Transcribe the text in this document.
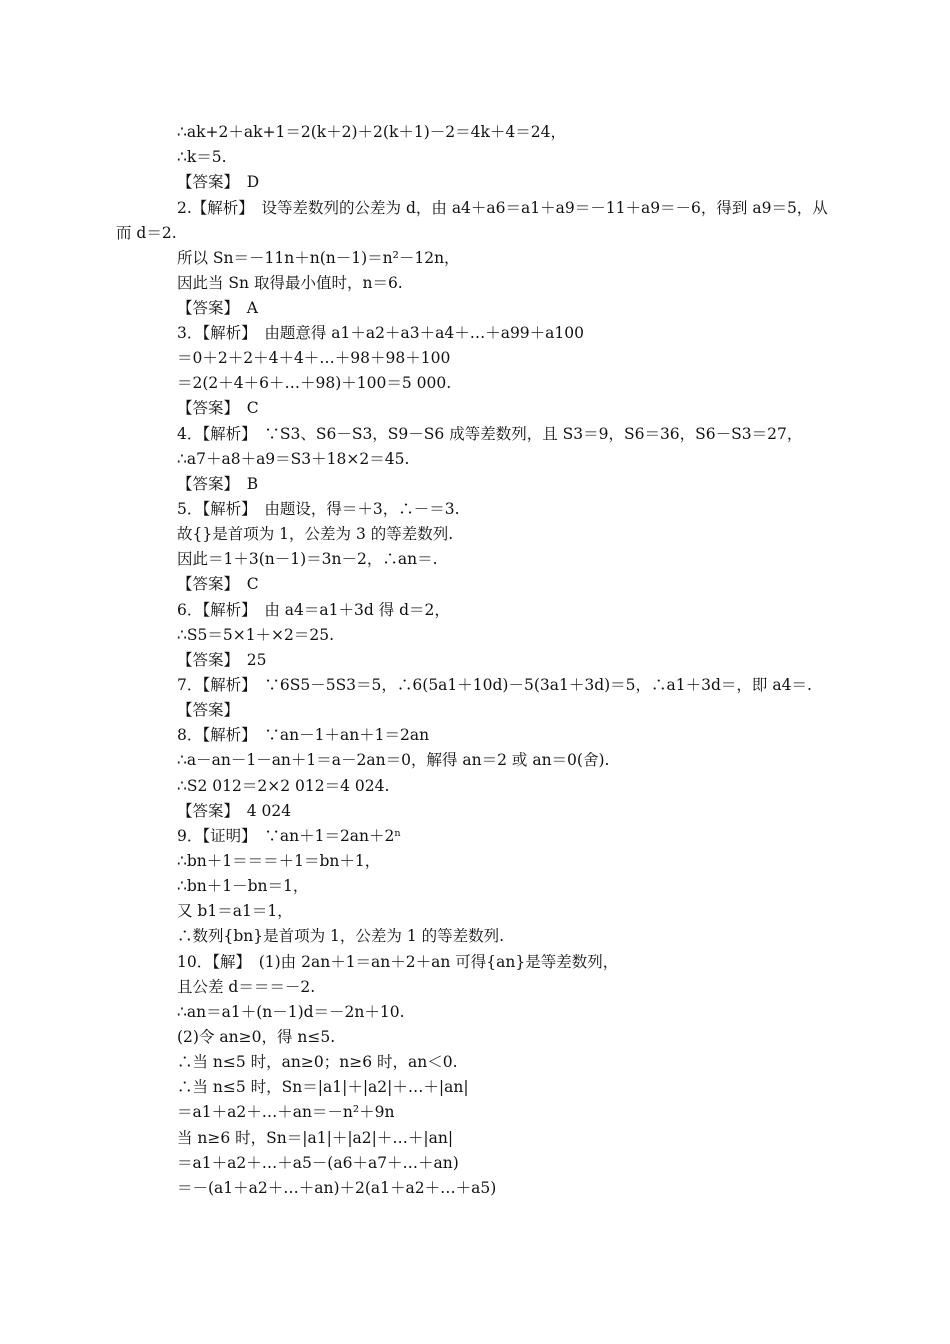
∴ak+2＋ak+1＝2(k＋2)＋2(k＋1)－2＝4k＋4＝24，
∴k＝5.
【答案】　D
2.【解析】　设等差数列的公差为 d，由 a4＋a6＝a1＋a9＝－11＋a9＝－6，得到 a9＝5，从
而 d＝2.
所以 Sn＝－11n＋n(n－1)＝n²－12n，
因此当 Sn 取得最小值时，n＝6.
【答案】　A
3．【解析】　由题意得 a1＋a2＋a3＋a4＋…＋a99＋a100
＝0＋2＋2＋4＋4＋…＋98＋98＋100
＝2(2＋4＋6＋…＋98)＋100＝5 000.
【答案】　C
4．【解析】　∵S3、S6－S3，S9－S6 成等差数列，且 S3＝9，S6＝36，S6－S3＝27，
∴a7＋a8＋a9＝S3＋18×2＝45.
【答案】　B
5．【解析】　由题设，得＝＋3，∴－＝3.
故{}是首项为 1，公差为 3 的等差数列.
因此＝1＋3(n－1)＝3n－2，∴an＝.
【答案】　C
6．【解析】　由 a4＝a1＋3d 得 d＝2，
∴S5＝5×1＋×2＝25.
【答案】　25
7．【解析】　∵6S5－5S3＝5，∴6(5a1＋10d)－5(3a1＋3d)＝5，∴a1＋3d＝，即 a4＝.
【答案】
8．【解析】　∵an－1＋an＋1＝2an
∴a－an－1－an＋1＝a－2an＝0，解得 an＝2 或 an＝0(舍).
∴S2 012＝2×2 012＝4 024.
【答案】　4 024
9．【证明】　∵an＋1＝2an＋2ⁿ
∴bn＋1＝＝＝＋1＝bn＋1，
∴bn＋1－bn＝1，
又 b1＝a1＝1，
∴数列{bn}是首项为 1，公差为 1 的等差数列.
10．【解】　(1)由 2an＋1＝an＋2＋an 可得{an}是等差数列，
且公差 d＝＝＝－2.
∴an＝a1＋(n－1)d＝－2n＋10.
(2)令 an≥0，得 n≤5.
∴当 n≤5 时，an≥0；n≥6 时，an＜0.
∴当 n≤5 时，Sn＝|a1|＋|a2|＋…＋|an|
＝a1＋a2＋…＋an＝－n²＋9n
当 n≥6 时，Sn＝|a1|＋|a2|＋…＋|an|
＝a1＋a2＋…＋a5－(a6＋a7＋…＋an)
＝－(a1＋a2＋…＋an)＋2(a1＋a2＋…＋a5)
